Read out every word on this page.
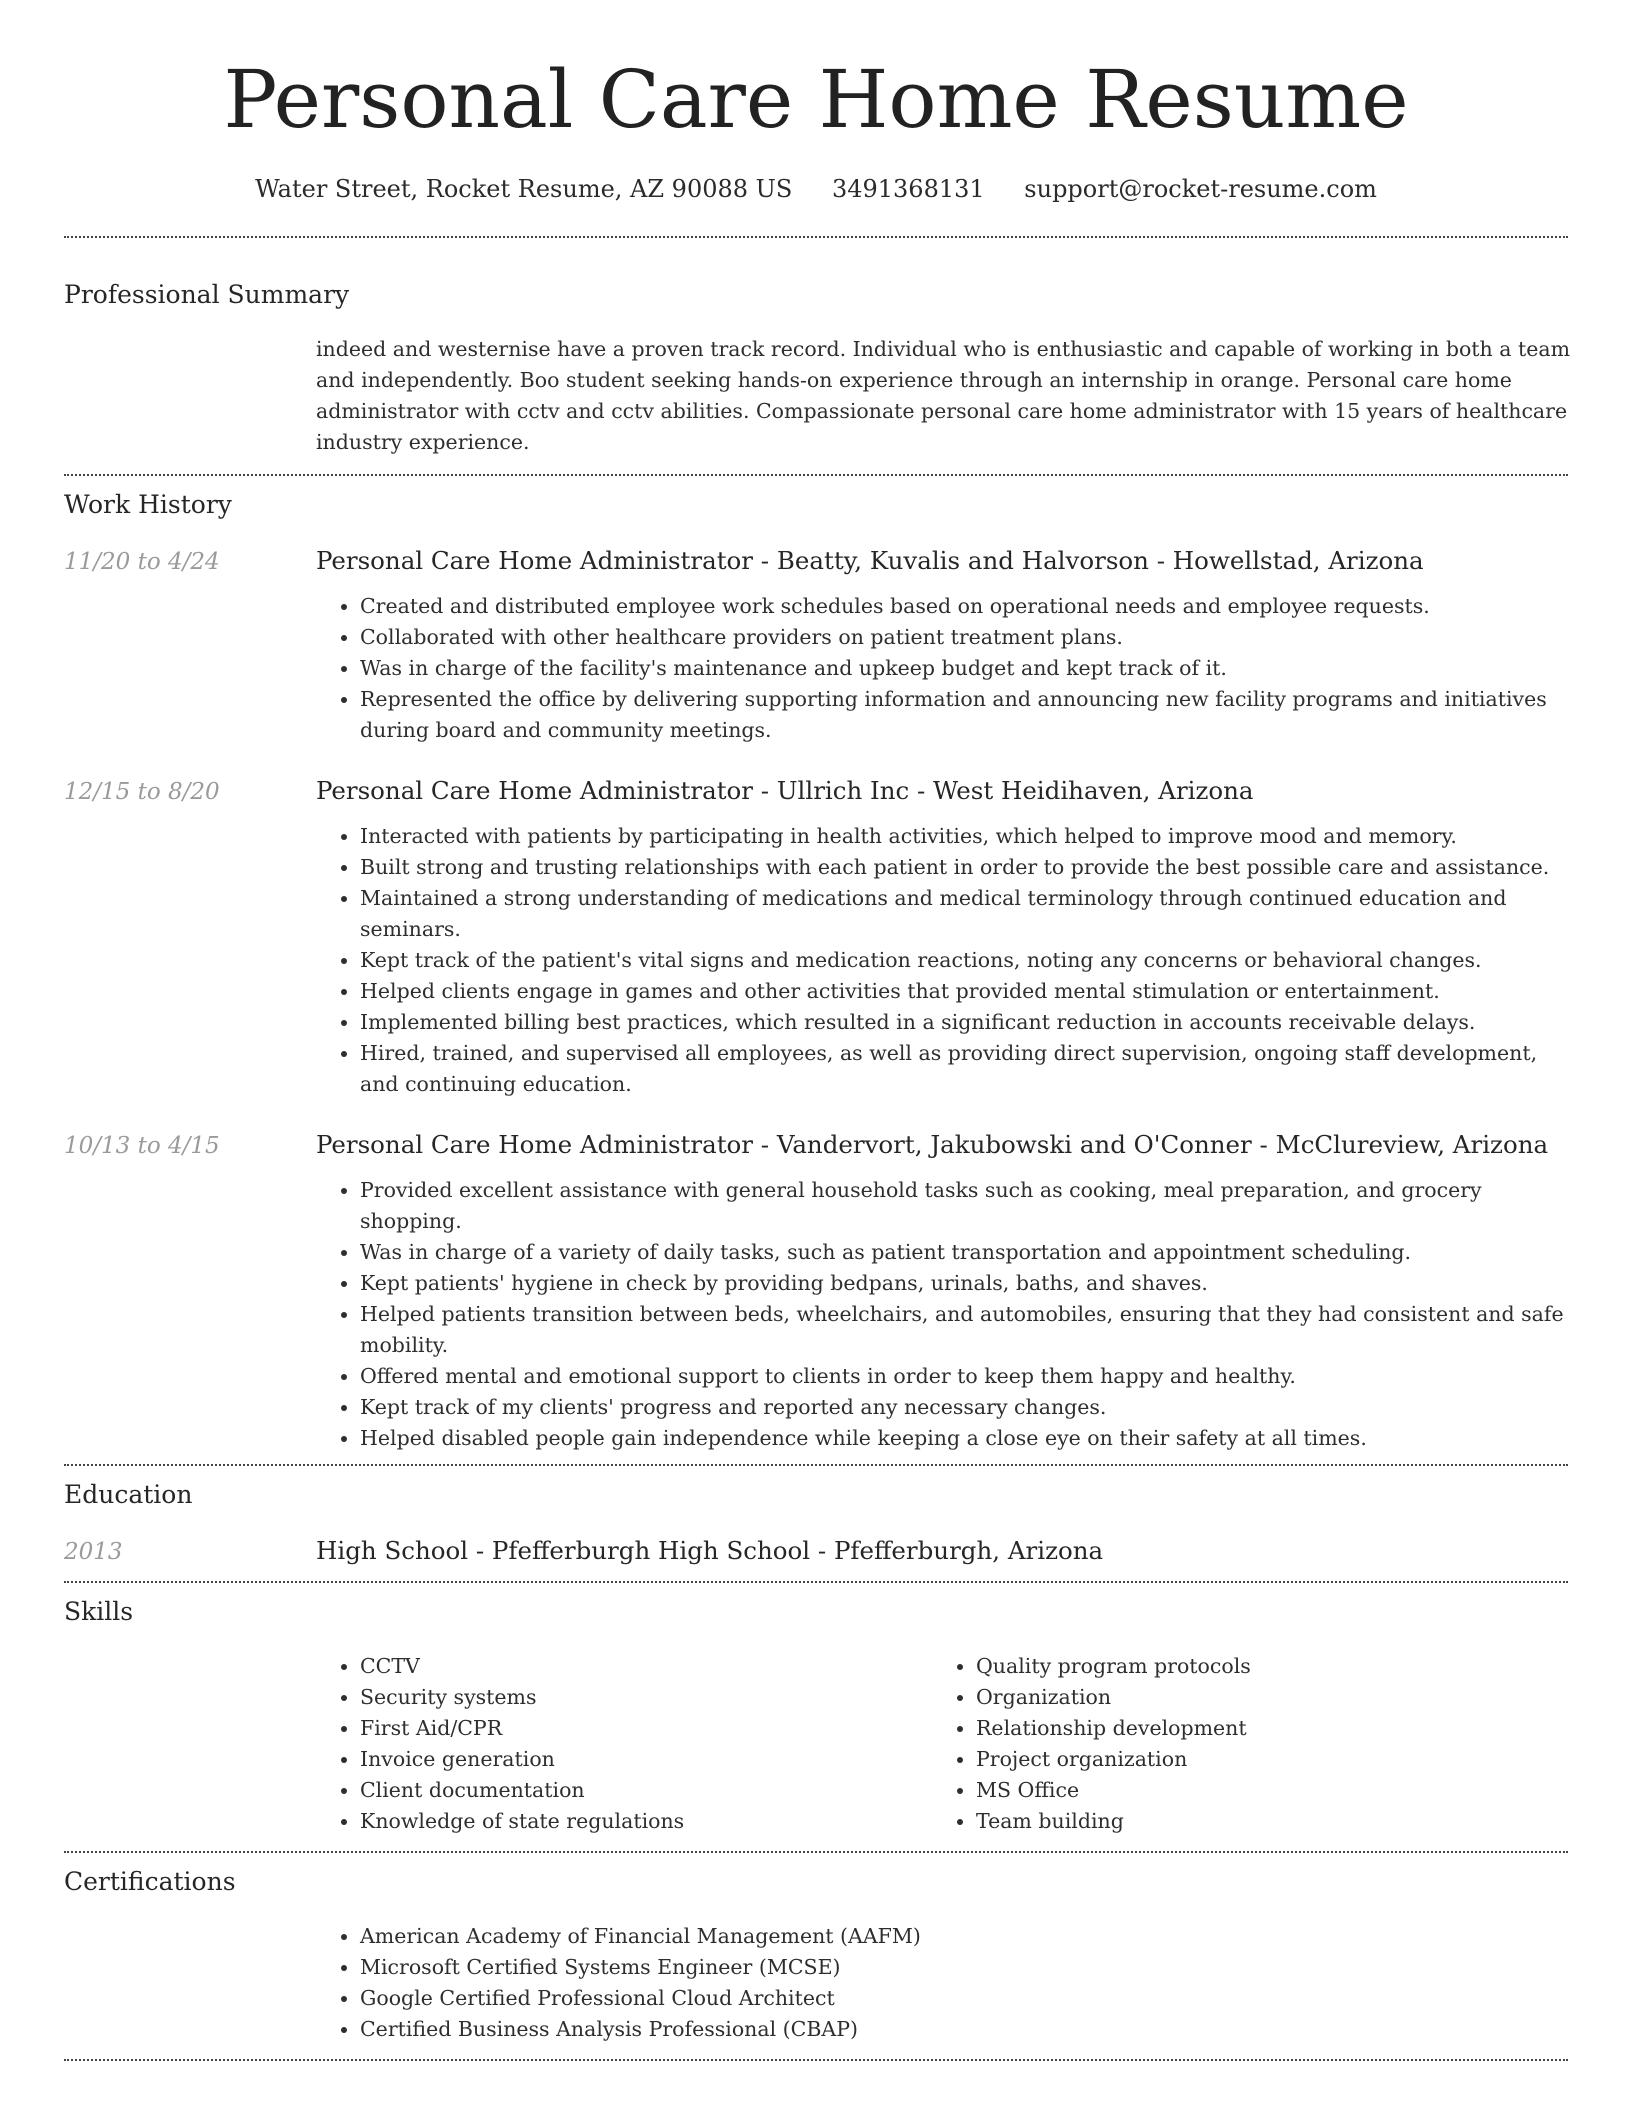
Personal Care Home Resume
Water Street, Rocket Resume, AZ 90088 US 3491368131 support@rocket-resume.com
Professional Summary
indeed and westernise have a proven track record. Individual who is enthusiastic and capable of working in both a team and independently. Boo student seeking hands-on experience through an internship in orange. Personal care home administrator with cctv and cctv abilities. Compassionate personal care home administrator with 15 years of healthcare industry experience.
Work History
11/20 to 4/24	Personal Care Home Administrator - Beatty, Kuvalis and Halvorson - Howellstad, Arizona
• Created and distributed employee work schedules based on operational needs and employee requests.
• Collaborated with other healthcare providers on patient treatment plans.
• Was in charge of the facility's maintenance and upkeep budget and kept track of it.
• Represented the office by delivering supporting information and announcing new facility programs and initiatives during board and community meetings.
12/15 to 8/20	Personal Care Home Administrator - Ullrich Inc - West Heidihaven, Arizona
• Interacted with patients by participating in health activities, which helped to improve mood and memory.
• Built strong and trusting relationships with each patient in order to provide the best possible care and assistance.
• Maintained a strong understanding of medications and medical terminology through continued education and seminars.
• Kept track of the patient's vital signs and medication reactions, noting any concerns or behavioral changes.
• Helped clients engage in games and other activities that provided mental stimulation or entertainment.
• Implemented billing best practices, which resulted in a significant reduction in accounts receivable delays.
• Hired, trained, and supervised all employees, as well as providing direct supervision, ongoing staff development, and continuing education.
10/13 to 4/15	Personal Care Home Administrator - Vandervort, Jakubowski and O'Conner - McClureview, Arizona
• Provided excellent assistance with general household tasks such as cooking, meal preparation, and grocery shopping.
• Was in charge of a variety of daily tasks, such as patient transportation and appointment scheduling.
• Kept patients' hygiene in check by providing bedpans, urinals, baths, and shaves.
• Helped patients transition between beds, wheelchairs, and automobiles, ensuring that they had consistent and safe mobility.
• Offered mental and emotional support to clients in order to keep them happy and healthy.
• Kept track of my clients' progress and reported any necessary changes.
• Helped disabled people gain independence while keeping a close eye on their safety at all times.
Education
2013	High School - Pfefferburgh High School - Pfefferburgh, Arizona
Skills
• CCTV
• Security systems
• First Aid/CPR
• Invoice generation
• Client documentation
• Knowledge of state regulations
• Quality program protocols
• Organization
• Relationship development
• Project organization
• MS Office
• Team building
Certifications
• American Academy of Financial Management (AAFM)
• Microsoft Certified Systems Engineer (MCSE)
• Google Certified Professional Cloud Architect
• Certified Business Analysis Professional (CBAP)
